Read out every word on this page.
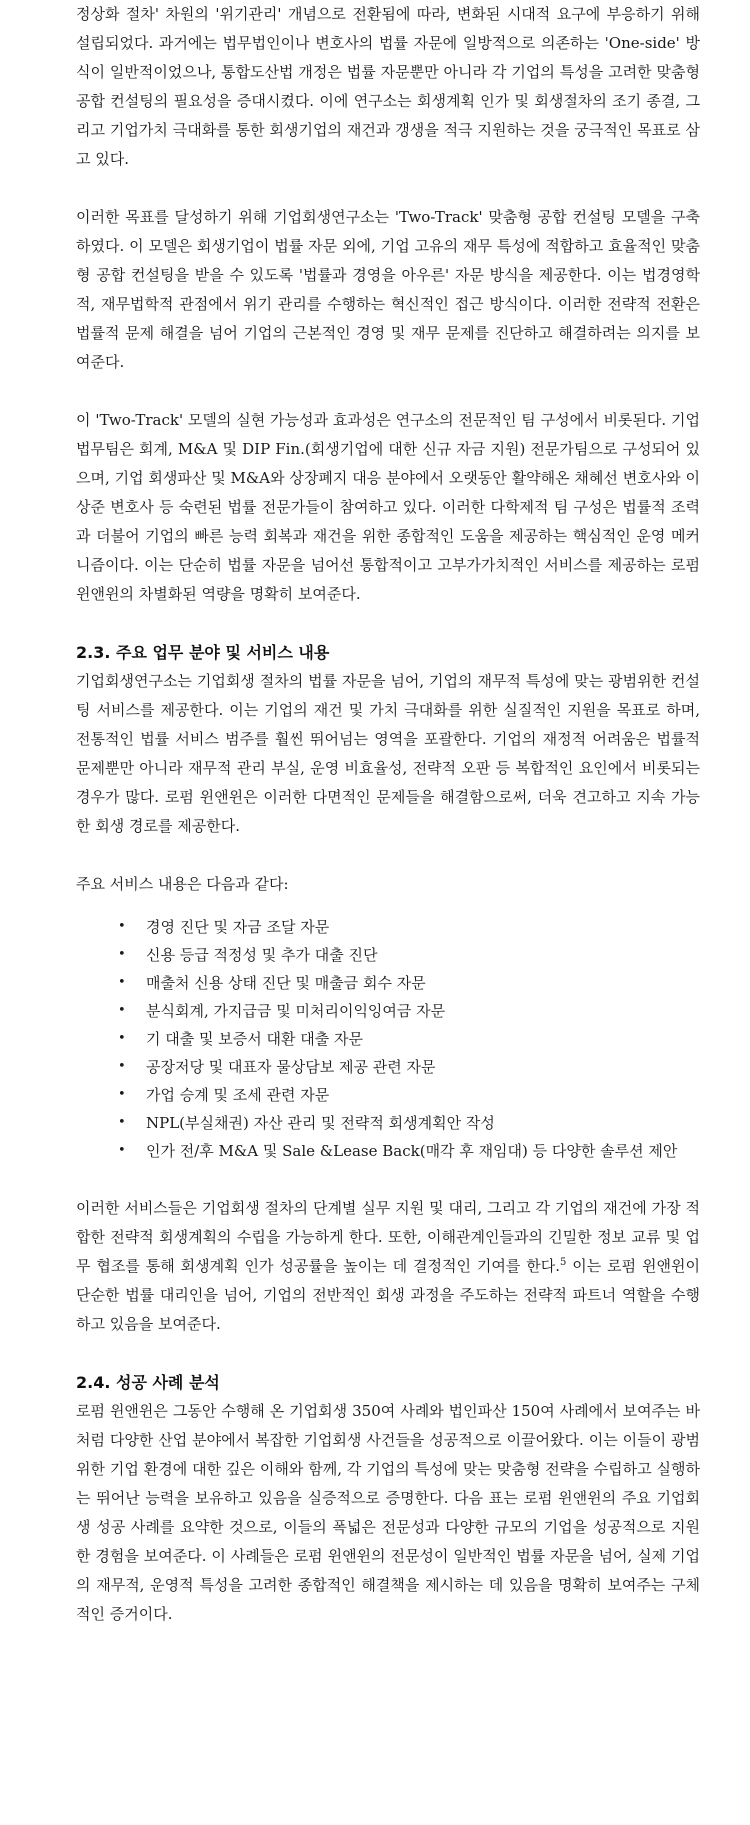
정상화 절차' 차원의 '위기관리' 개념으로 전환됨에 따라, 변화된 시대적 요구에 부응하기 위해 설립되었다. 과거에는 법무법인이나 변호사의 법률 자문에 일방적으로 의존하는 'One-side' 방식이 일반적이었으나, 통합도산법 개정은 법률 자문뿐만 아니라 각 기업의 특성을 고려한 맞춤형 공합 컨설팅의 필요성을 증대시켰다. 이에 연구소는 회생계획 인가 및 회생절차의 조기 종결, 그리고 기업가치 극대화를 통한 회생기업의 재건과 갱생을 적극 지원하는 것을 궁극적인 목표로 삼고 있다.

이러한 목표를 달성하기 위해 기업회생연구소는 'Two-Track' 맞춤형 공합 컨설팅 모델을 구축하였다. 이 모델은 회생기업이 법률 자문 외에, 기업 고유의 재무 특성에 적합하고 효율적인 맞춤형 공합 컨설팅을 받을 수 있도록 '법률과 경영을 아우른' 자문 방식을 제공한다. 이는 법경영학적, 재무법학적 관점에서 위기 관리를 수행하는 혁신적인 접근 방식이다. 이러한 전략적 전환은 법률적 문제 해결을 넘어 기업의 근본적인 경영 및 재무 문제를 진단하고 해결하려는 의지를 보여준다.

이 'Two-Track' 모델의 실현 가능성과 효과성은 연구소의 전문적인 팀 구성에서 비롯된다. 기업 법무팀은 회계, M&A 및 DIP Fin.(회생기업에 대한 신규 자금 지원) 전문가팀으로 구성되어 있으며, 기업 회생파산 및 M&A와 상장폐지 대응 분야에서 오랫동안 활약해온 채혜선 변호사와 이상준 변호사 등 숙련된 법률 전문가들이 참여하고 있다. 이러한 다학제적 팀 구성은 법률적 조력과 더불어 기업의 빠른 능력 회복과 재건을 위한 종합적인 도움을 제공하는 핵심적인 운영 메커니즘이다. 이는 단순히 법률 자문을 넘어선 통합적이고 고부가가치적인 서비스를 제공하는 로펌 윈앤윈의 차별화된 역량을 명확히 보여준다.

2.3. 주요 업무 분야 및 서비스 내용

기업회생연구소는 기업회생 절차의 법률 자문을 넘어, 기업의 재무적 특성에 맞는 광범위한 컨설팅 서비스를 제공한다. 이는 기업의 재건 및 가치 극대화를 위한 실질적인 지원을 목표로 하며, 전통적인 법률 서비스 범주를 훨씬 뛰어넘는 영역을 포괄한다. 기업의 재정적 어려움은 법률적 문제뿐만 아니라 재무적 관리 부실, 운영 비효율성, 전략적 오판 등 복합적인 요인에서 비롯되는 경우가 많다. 로펌 윈앤윈은 이러한 다면적인 문제들을 해결함으로써, 더욱 견고하고 지속 가능한 회생 경로를 제공한다.

주요 서비스 내용은 다음과 같다:

• 경영 진단 및 자금 조달 자문
• 신용 등급 적정성 및 추가 대출 진단
• 매출처 신용 상태 진단 및 매출금 회수 자문
• 분식회계, 가지급금 및 미처리이익잉여금 자문
• 기 대출 및 보증서 대환 대출 자문
• 공장저당 및 대표자 물상담보 제공 관련 자문
• 가업 승계 및 조세 관련 자문
• NPL(부실채권) 자산 관리 및 전략적 회생계획안 작성
• 인가 전/후 M&A 및 Sale &Lease Back(매각 후 재임대) 등 다양한 솔루션 제안

이러한 서비스들은 기업회생 절차의 단계별 실무 지원 및 대리, 그리고 각 기업의 재건에 가장 적합한 전략적 회생계획의 수립을 가능하게 한다. 또한, 이해관계인들과의 긴밀한 정보 교류 및 업무 협조를 통해 회생계획 인가 성공률을 높이는 데 결정적인 기여를 한다.$^5$ 이는 로펌 윈앤윈이 단순한 법률 대리인을 넘어, 기업의 전반적인 회생 과정을 주도하는 전략적 파트너 역할을 수행하고 있음을 보여준다.

2.4. 성공 사례 분석

로펌 윈앤윈은 그동안 수행해 온 기업회생 350여 사례와 법인파산 150여 사례에서 보여주는 바처럼 다양한 산업 분야에서 복잡한 기업회생 사건들을 성공적으로 이끌어왔다. 이는 이들이 광범위한 기업 환경에 대한 깊은 이해와 함께, 각 기업의 특성에 맞는 맞춤형 전략을 수립하고 실행하는 뛰어난 능력을 보유하고 있음을 실증적으로 증명한다. 다음 표는 로펌 윈앤윈의 주요 기업회생 성공 사례를 요약한 것으로, 이들의 폭넓은 전문성과 다양한 규모의 기업을 성공적으로 지원한 경험을 보여준다. 이 사례들은 로펌 윈앤윈의 전문성이 일반적인 법률 자문을 넘어, 실제 기업의 재무적, 운영적 특성을 고려한 종합적인 해결책을 제시하는 데 있음을 명확히 보여주는 구체적인 증거이다.
